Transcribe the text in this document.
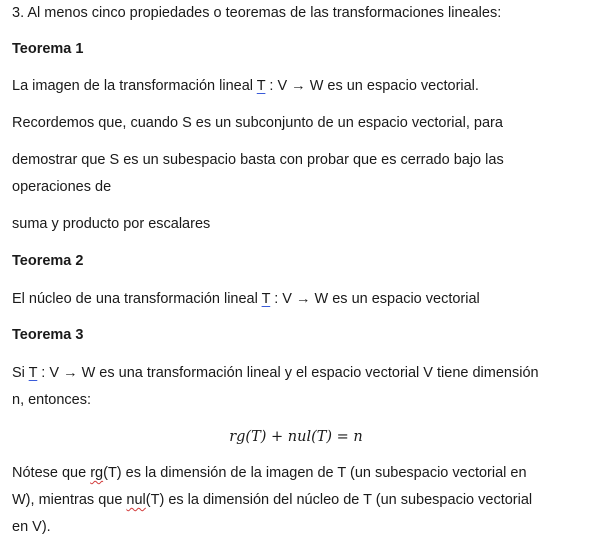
3. Al menos cinco propiedades o teoremas de las transformaciones lineales:
Teorema 1
La imagen de la transformación lineal T : V → W es un espacio vectorial.
Recordemos que, cuando S es un subconjunto de un espacio vectorial, para
demostrar que S es un subespacio basta con probar que es cerrado bajo las
operaciones de
suma y producto por escalares
Teorema 2
El núcleo de una transformación lineal T : V → W es un espacio vectorial
Teorema 3
Si T : V → W es una transformación lineal y el espacio vectorial V tiene dimensión
n, entonces:
rg(T) + nul(T) = n
Nótese que rg(T) es la dimensión de la imagen de T (un subespacio vectorial en
W), mientras que nul(T) es la dimensión del núcleo de T (un subespacio vectorial
en V).
